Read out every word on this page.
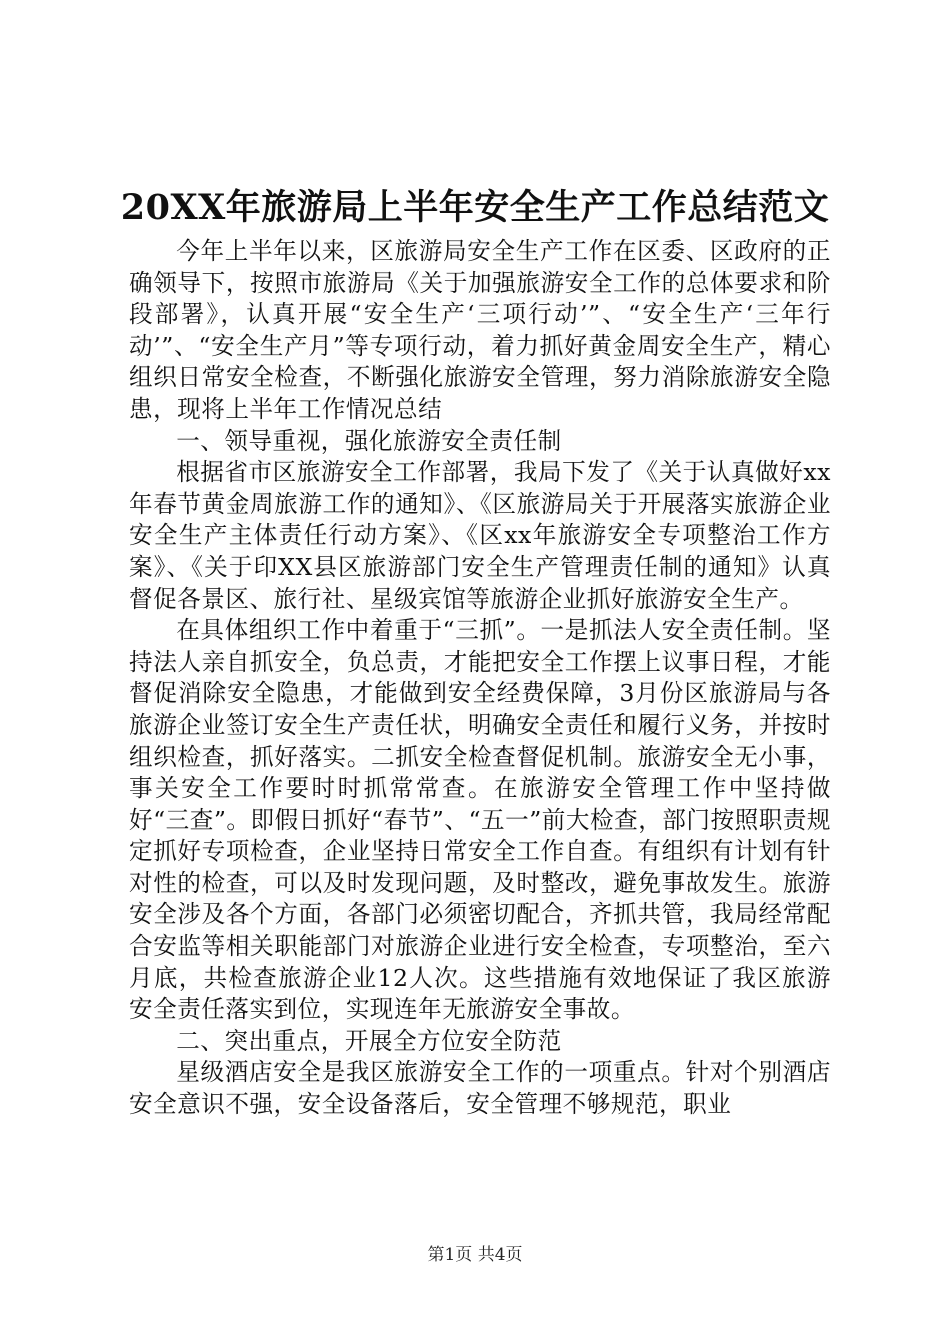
20XX年旅游局上半年安全生产工作总结范文

今年上半年以来，区旅游局安全生产工作在区委、区政府的正确领导下，按照市旅游局《关于加强旅游安全工作的总体要求和阶段部署》，认真开展“安全生产‘三项行动’”、“安全生产‘三年行动’”、“安全生产月”等专项行动，着力抓好黄金周安全生产，精心组织日常安全检查，不断强化旅游安全管理，努力消除旅游安全隐患，现将上半年工作情况总结

一、领导重视，强化旅游安全责任制

根据省市区旅游安全工作部署，我局下发了《关于认真做好xx年春节黄金周旅游工作的通知》、《区旅游局关于开展落实旅游企业安全生产主体责任行动方案》、《区xx年旅游安全专项整治工作方案》、《关于印XX县区旅游部门安全生产管理责任制的通知》认真督促各景区、旅行社、星级宾馆等旅游企业抓好旅游安全生产。

在具体组织工作中着重于“三抓”。一是抓法人安全责任制。坚持法人亲自抓安全，负总责，才能把安全工作摆上议事日程，才能督促消除安全隐患，才能做到安全经费保障，3月份区旅游局与各旅游企业签订安全生产责任状，明确安全责任和履行义务，并按时组织检查，抓好落实。二抓安全检查督促机制。旅游安全无小事，事关安全工作要时时抓常常查。在旅游安全管理工作中坚持做好“三查”。即假日抓好“春节”、“五一”前大检查，部门按照职责规定抓好专项检查，企业坚持日常安全工作自查。有组织有计划有针对性的检查，可以及时发现问题，及时整改，避免事故发生。旅游安全涉及各个方面，各部门必须密切配合，齐抓共管，我局经常配合安监等相关职能部门对旅游企业进行安全检查，专项整治，至六月底，共检查旅游企业12人次。这些措施有效地保证了我区旅游安全责任落实到位，实现连年无旅游安全事故。

二、突出重点，开展全方位安全防范

星级酒店安全是我区旅游安全工作的一项重点。针对个别酒店安全意识不强，安全设备落后，安全管理不够规范，职业

第1页 共4页
